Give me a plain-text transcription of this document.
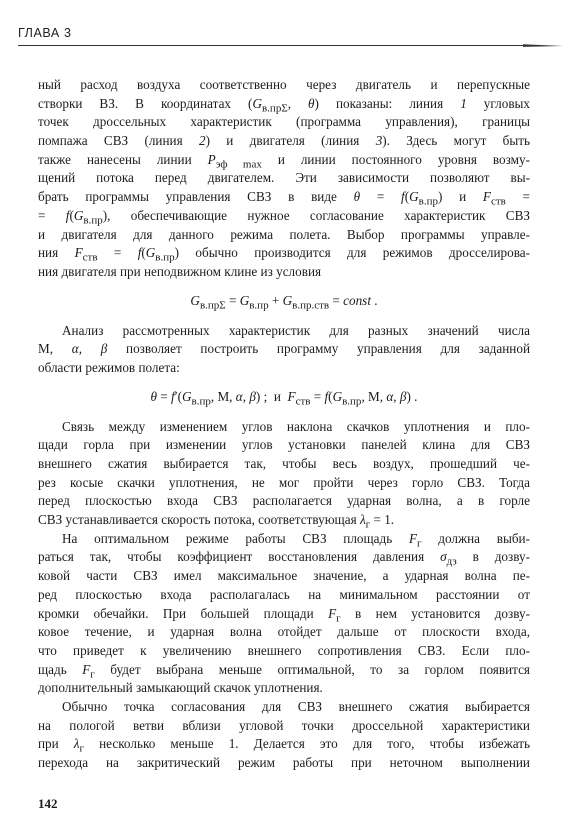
ГЛАВА 3
ный расход воздуха соответственно через двигатель и перепускные
створки ВЗ. В координатах ($G_{в.пр\Sigma}$, θ) показаны: линия 1 угловых
точек дроссельных характеристик (программа управления), границы
помпажа СВЗ (линия 2) и двигателя (линия 3). Здесь могут быть
также нанесены линии $P_{эф max}$ и линии постоянного уровня возму-
щений потока перед двигателем. Эти зависимости позволяют вы-
брать программы управления СВЗ в виде $\theta = f(G_{в.пр})$ и $F_{ств}$ =
= $f(G_{в.пр})$, обеспечивающие нужное согласование характеристик СВЗ
и двигателя для данного режима полета. Выбор программы управле-
ния $F_{ств} = f(G_{в.пр})$ обычно производится для режимов дросселирова-
ния двигателя при неподвижном клине из условия
$G_{в.пр\Sigma} = G_{в.пр} + G_{в.пр.ств}$ = const .
Анализ рассмотренных характеристик для разных значений числа
М, α, β позволяет построить программу управления для заданной
области режимов полета:
$\theta = f'(G_{в.пр}$, M, α, β) ;  и  $F_{ств} = f(G_{в.пр}$, M, α, β) .
Связь между изменением углов наклона скачков уплотнения и пло-
щади горла при изменении углов установки панелей клина для СВЗ
внешнего сжатия выбирается так, чтобы весь воздух, прошедший че-
рез косые скачки уплотнения, не мог пройти через горло СВЗ. Тогда
перед плоскостью входа СВЗ располагается ударная волна, а в горле
СВЗ устанавливается скорость потока, соответствующая $\lambda_г = 1$.
На оптимальном режиме работы СВЗ площадь $F_г$ должна выби-
раться так, чтобы коэффициент восстановления давления $\sigma_{дз}$ в дозву-
ковой части СВЗ имел максимальное значение, а ударная волна пе-
ред плоскостью входа располагалась на минимальном расстоянии от
кромки обечайки. При большей площади $F_г$ в нем установится дозву-
ковое течение, и ударная волна отойдет дальше от плоскости входа,
что приведет к увеличению внешнего сопротивления СВЗ. Если пло-
щадь $F_г$ будет выбрана меньше оптимальной, то за горлом появится
дополнительный замыкающий скачок уплотнения.
Обычно точка согласования для СВЗ внешнего сжатия выбирается
на пологой ветви вблизи угловой точки дроссельной характеристики
при $\lambda_г$ несколько меньше 1. Делается это для того, чтобы избежать
перехода на закритический режим работы при неточном выполнении
142
